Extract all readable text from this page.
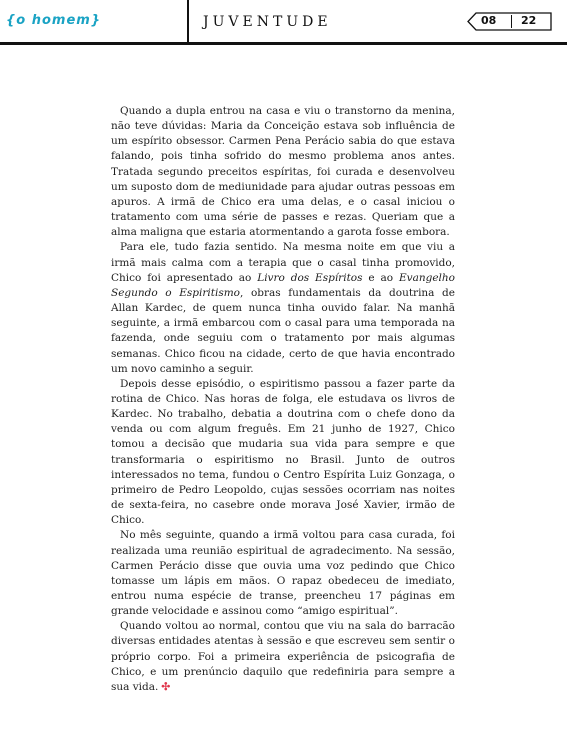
{o homem}	JUVENTUDE	08 22

Quando a dupla entrou na casa e viu o transtorno da menina, não teve dúvidas: Maria da Conceição estava sob influência de um espírito obsessor. Carmen Pena Perácio sabia do que estava falando, pois tinha sofrido do mesmo problema anos antes. Tratada segundo preceitos espíritas, foi curada e desenvolveu um suposto dom de mediunidade para ajudar outras pessoas em apuros. A irmã de Chico era uma delas, e o casal iniciou o tratamento com uma série de passes e rezas. Queriam que a alma maligna que estaria atormentando a garota fosse embora.

Para ele, tudo fazia sentido. Na mesma noite em que viu a irmã mais calma com a terapia que o casal tinha promovido, Chico foi apresentado ao Livro dos Espíritos e ao Evangelho Segundo o Espiritismo, obras fundamentais da doutrina de Allan Kardec, de quem nunca tinha ouvido falar. Na manhã seguinte, a irmã embarcou com o casal para uma temporada na fazenda, onde seguiu com o tratamento por mais algumas semanas. Chico ficou na cidade, certo de que havia encontrado um novo caminho a seguir.

Depois desse episódio, o espiritismo passou a fazer parte da rotina de Chico. Nas horas de folga, ele estudava os livros de Kardec. No trabalho, debatia a doutrina com o chefe dono da venda ou com algum freguês. Em 21 junho de 1927, Chico tomou a decisão que mudaria sua vida para sempre e que transformaria o espiritismo no Brasil. Junto de outros interessados no tema, fundou o Centro Espírita Luiz Gonzaga, o primeiro de Pedro Leopoldo, cujas sessões ocorriam nas noites de sexta-feira, no casebre onde morava José Xavier, irmão de Chico.

No mês seguinte, quando a irmã voltou para casa curada, foi realizada uma reunião espiritual de agradecimento. Na sessão, Carmen Perácio disse que ouvia uma voz pedindo que Chico tomasse um lápis em mãos. O rapaz obedeceu de imediato, entrou numa espécie de transe, preencheu 17 páginas em grande velocidade e assinou como “amigo espiritual”.

Quando voltou ao normal, contou que viu na sala do barracão diversas entidades atentas à sessão e que escreveu sem sentir o próprio corpo. Foi a primeira experiência de psicografia de Chico, e um prenúncio daquilo que redefiniria para sempre a sua vida. ✣
